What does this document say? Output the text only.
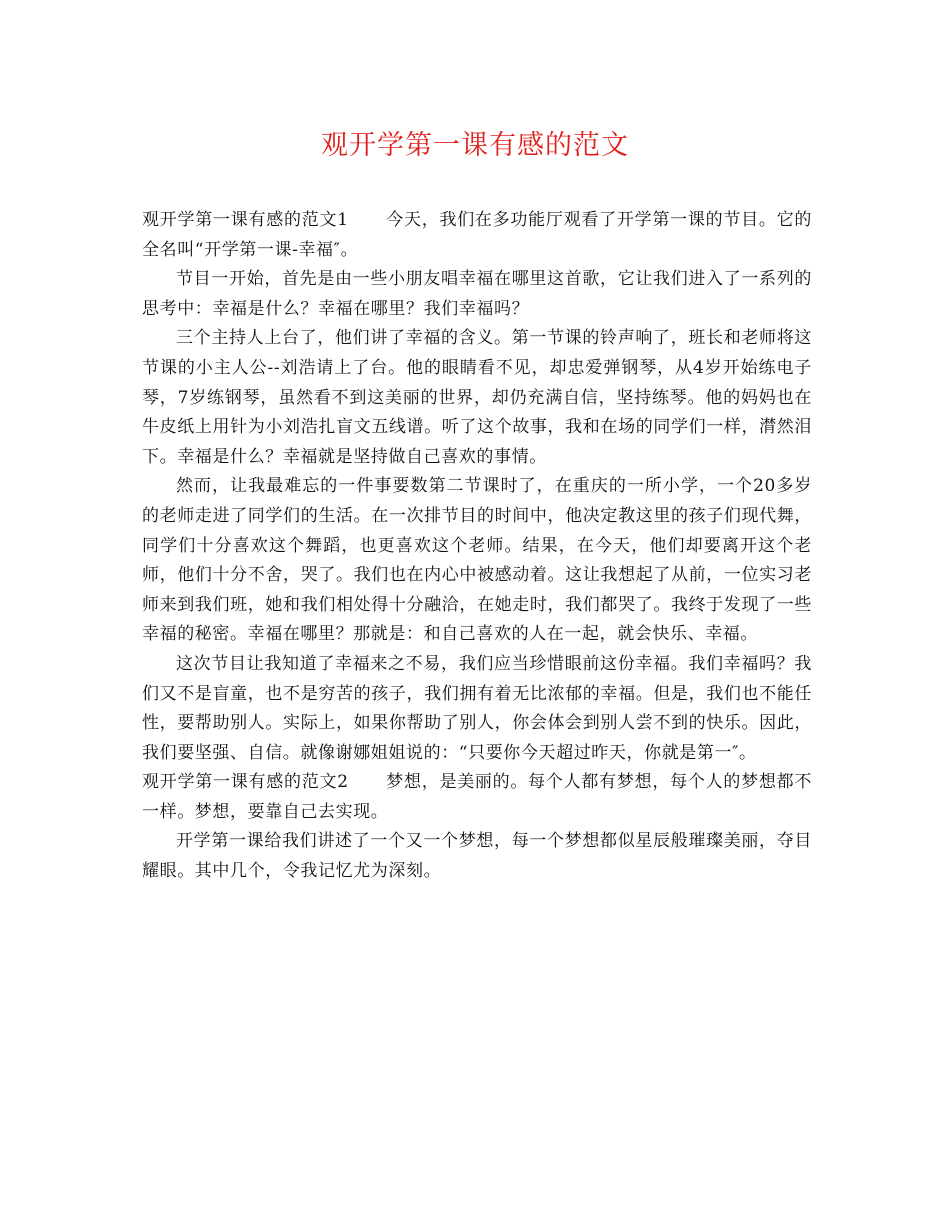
观开学第一课有感的范文

观开学第一课有感的范文1 今天，我们在多功能厅观看了开学第一课的节目。它的全名叫“开学第一课-幸福″。

节目一开始，首先是由一些小朋友唱幸福在哪里这首歌，它让我们进入了一系列的思考中：幸福是什么？幸福在哪里？我们幸福吗？

三个主持人上台了，他们讲了幸福的含义。第一节课的铃声响了，班长和老师将这节课的小主人公--刘浩请上了台。他的眼睛看不见，却忠爱弹钢琴，从4岁开始练电子琴，7岁练钢琴，虽然看不到这美丽的世界，却仍充满自信，坚持练琴。他的妈妈也在牛皮纸上用针为小刘浩扎盲文五线谱。听了这个故事，我和在场的同学们一样，潸然泪下。幸福是什么？幸福就是坚持做自己喜欢的事情。

然而，让我最难忘的一件事要数第二节课时了，在重庆的一所小学，一个20多岁的老师走进了同学们的生活。在一次排节目的时间中，他决定教这里的孩子们现代舞，同学们十分喜欢这个舞蹈，也更喜欢这个老师。结果，在今天，他们却要离开这个老师，他们十分不舍，哭了。我们也在内心中被感动着。这让我想起了从前，一位实习老师来到我们班，她和我们相处得十分融洽，在她走时，我们都哭了。我终于发现了一些幸福的秘密。幸福在哪里？那就是：和自己喜欢的人在一起，就会快乐、幸福。

这次节目让我知道了幸福来之不易，我们应当珍惜眼前这份幸福。我们幸福吗？我们又不是盲童，也不是穷苦的孩子，我们拥有着无比浓郁的幸福。但是，我们也不能任性，要帮助别人。实际上，如果你帮助了别人，你会体会到别人尝不到的快乐。因此，我们要坚强、自信。就像谢娜姐姐说的：“只要你今天超过昨天，你就是第一″。

观开学第一课有感的范文2 梦想，是美丽的。每个人都有梦想，每个人的梦想都不一样。梦想，要靠自己去实现。

开学第一课给我们讲述了一个又一个梦想，每一个梦想都似星辰般璀璨美丽，夺目耀眼。其中几个，令我记忆尤为深刻。
